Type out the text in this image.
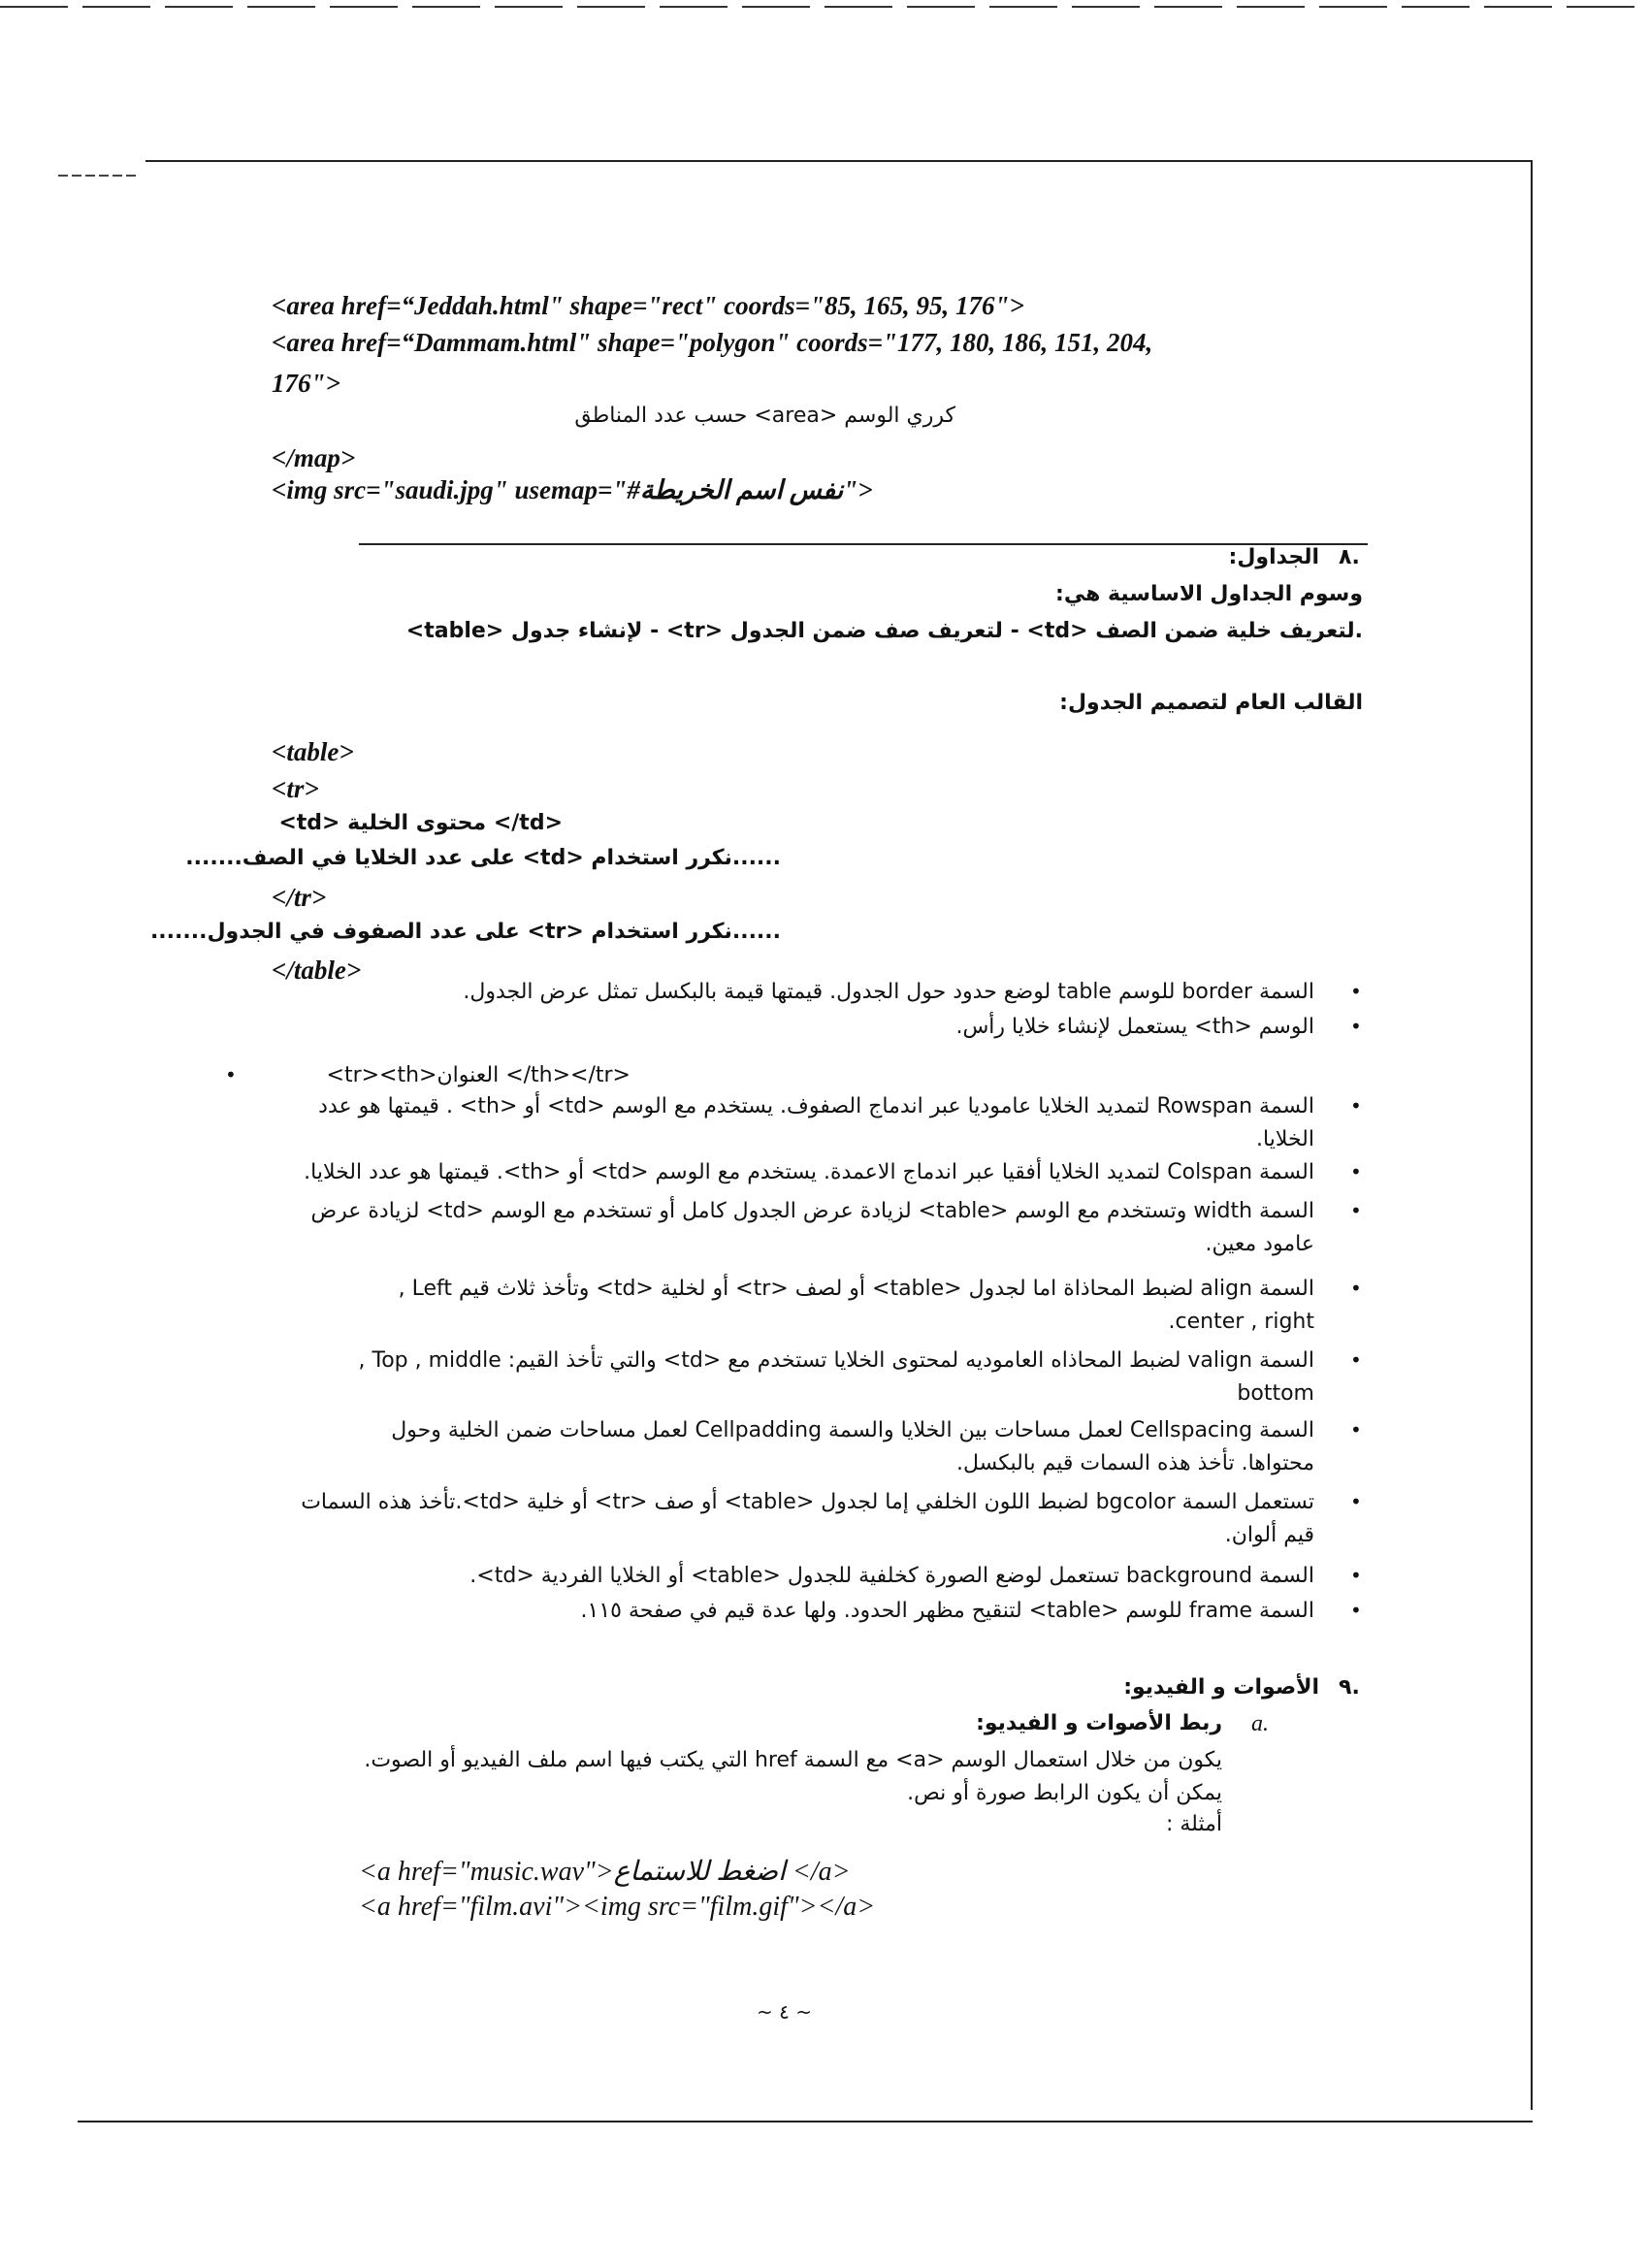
<area href=“Jeddah.html" shape="rect" coords="85, 165, 95, 176">
<area href=“Dammam.html" shape="polygon" coords="177, 180, 186, 151, 204,
176">
كرري الوسم <area> حسب عدد المناطق
</map>
<img src="saudi.jpg" usemap="#نفس اسم الخريطة">
٨.
الجداول:
وسوم الجداول الاساسية هي:
<table> لإنشاء جدول - <tr> لتعريف صف ضمن الجدول - <td> لتعريف خلية ضمن الصف.
القالب العام لتصميم الجدول:
<table>
<tr>
<td> محتوى الخلية </td>
......نكرر استخدام <td> على عدد الخلايا في الصف.......
</tr>
......نكرر استخدام <tr> على عدد الصفوف في الجدول.......
</table>
•
السمة border للوسم table لوضع حدود حول الجدول. قيمتها قيمة بالبكسل تمثل عرض الجدول.
•
الوسم <th> يستعمل لإنشاء خلايا رأس.
•	<tr><th>العنوان </th></tr>
•
السمة Rowspan لتمديد الخلايا عاموديا عبر اندماج الصفوف. يستخدم مع الوسم <td> أو <th> . قيمتها هو عدد
الخلايا.
•
السمة Colspan لتمديد الخلايا أفقيا عبر اندماج الاعمدة. يستخدم مع الوسم <td> أو <th>. قيمتها هو عدد الخلايا.
•
السمة width وتستخدم مع الوسم <table> لزيادة عرض الجدول كامل أو تستخدم مع الوسم <td> لزيادة عرض
عامود معين.
•
السمة align لضبط المحاذاة اما لجدول <table> أو لصف <tr> أو لخلية <td> وتأخذ ثلاث قيم Left ,
.center , right
•
السمة valign لضبط المحاذاه العاموديه لمحتوى الخلايا تستخدم مع <td> والتي تأخذ القيم: Top , middle ,
bottom
•
السمة Cellspacing لعمل مساحات بين الخلايا والسمة Cellpadding لعمل مساحات ضمن الخلية وحول
محتواها. تأخذ هذه السمات قيم بالبكسل.
•
تستعمل السمة bgcolor لضبط اللون الخلفي إما لجدول <table> أو صف <tr> أو خلية <td>.تأخذ هذه السمات
قيم ألوان.
•
السمة background تستعمل لوضع الصورة كخلفية للجدول <table> أو الخلايا الفردية <td>.
•
السمة frame للوسم <table> لتنقيح مظهر الحدود. ولها عدة قيم في صفحة ١١٥.
٩.
الأصوات و الفيديو:
a.
ربط الأصوات و الفيديو:
يكون من خلال استعمال الوسم <a> مع السمة href التي يكتب فيها اسم ملف الفيديو أو الصوت.
يمكن أن يكون الرابط صورة أو نص.
أمثلة :
<a href="music.wav">اضغط للاستماع </a>
<a href="film.avi"><img src="film.gif"></a>
~ ٤ ~
